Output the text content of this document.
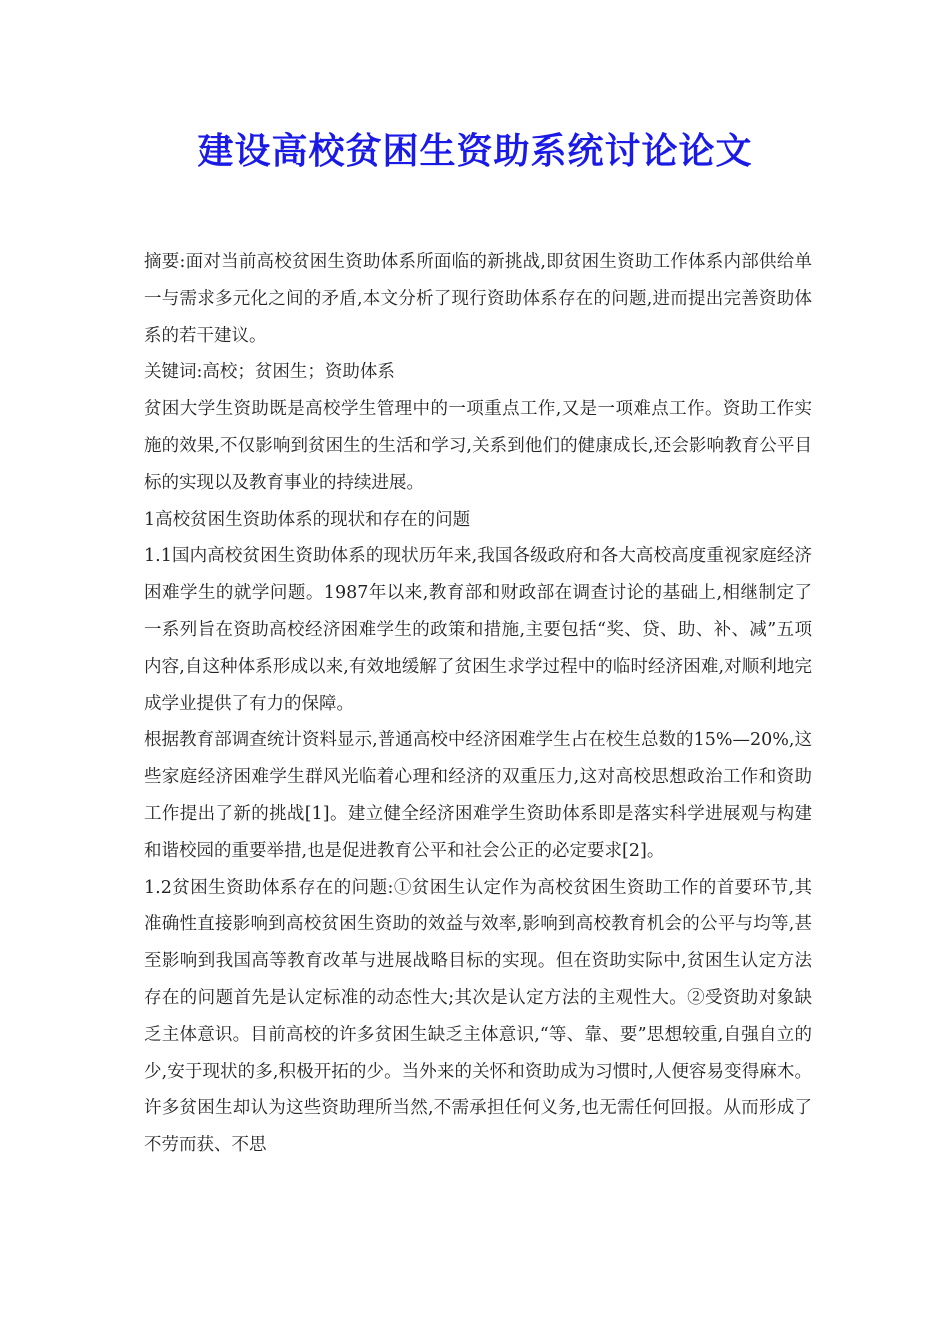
建设高校贫困生资助系统讨论论文

摘要:面对当前高校贫困生资助体系所面临的新挑战,即贫困生资助工作体系内部供给单一与需求多元化之间的矛盾,本文分析了现行资助体系存在的问题,进而提出完善资助体系的若干建议。

关键词:高校；贫困生；资助体系

贫困大学生资助既是高校学生管理中的一项重点工作,又是一项难点工作。资助工作实施的效果,不仅影响到贫困生的生活和学习,关系到他们的健康成长,还会影响教育公平目标的实现以及教育事业的持续进展。

1高校贫困生资助体系的现状和存在的问题

1.1国内高校贫困生资助体系的现状历年来,我国各级政府和各大高校高度重视家庭经济困难学生的就学问题。1987年以来,教育部和财政部在调查讨论的基础上,相继制定了一系列旨在资助高校经济困难学生的政策和措施,主要包括“奖、贷、助、补、减”五项内容,自这种体系形成以来,有效地缓解了贫困生求学过程中的临时经济困难,对顺利地完成学业提供了有力的保障。

根据教育部调查统计资料显示,普通高校中经济困难学生占在校生总数的15%—20%,这些家庭经济困难学生群风光临着心理和经济的双重压力,这对高校思想政治工作和资助工作提出了新的挑战[1]。建立健全经济困难学生资助体系即是落实科学进展观与构建和谐校园的重要举措,也是促进教育公平和社会公正的必定要求[2]。

1.2贫困生资助体系存在的问题:①贫困生认定作为高校贫困生资助工作的首要环节,其准确性直接影响到高校贫困生资助的效益与效率,影响到高校教育机会的公平与均等,甚至影响到我国高等教育改革与进展战略目标的实现。但在资助实际中,贫困生认定方法存在的问题首先是认定标准的动态性大;其次是认定方法的主观性大。②受资助对象缺乏主体意识。目前高校的许多贫困生缺乏主体意识,“等、靠、要”思想较重,自强自立的少,安于现状的多,积极开拓的少。当外来的关怀和资助成为习惯时,人便容易变得麻木。许多贫困生却认为这些资助理所当然,不需承担任何义务,也无需任何回报。从而形成了不劳而获、不思
